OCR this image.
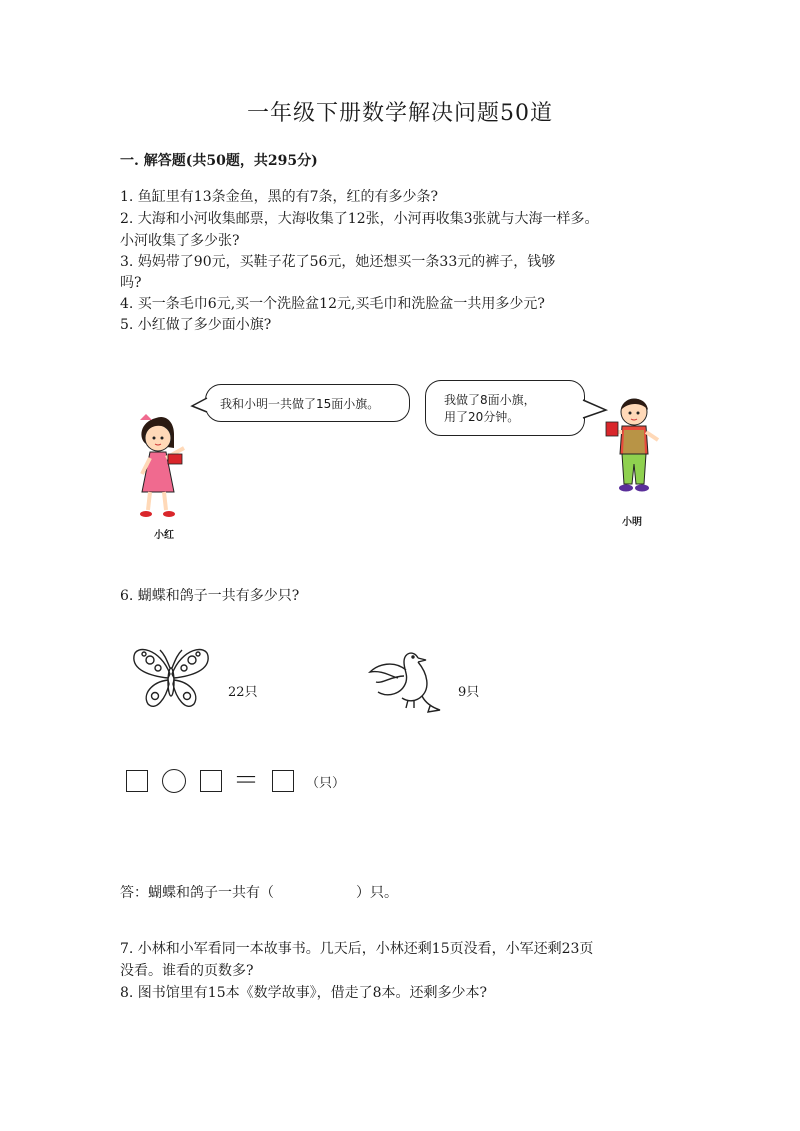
一年级下册数学解决问题50道
一. 解答题(共50题，共295分)
1. 鱼缸里有13条金鱼，黑的有7条，红的有多少条?
2. 大海和小河收集邮票，大海收集了12张，小河再收集3张就与大海一样多。
小河收集了多少张?
3. 妈妈带了90元，买鞋子花了56元，她还想买一条33元的裤子，钱够
吗?
4. 买一条毛巾6元,买一个洗脸盆12元,买毛巾和洗脸盆一共用多少元?
5. 小红做了多少面小旗?
我和小明一共做了15面小旗。	我做了8面小旗，
用了20分钟。
小红
小明
6. 蝴蝶和鸽子一共有多少只?
22只	9只
＝	（只）
答：蝴蝶和鸽子一共有（	）只。
7. 小林和小军看同一本故事书。几天后，小林还剩15页没看，小军还剩23页
没看。谁看的页数多?
8. 图书馆里有15本《数学故事》，借走了8本。还剩多少本?
